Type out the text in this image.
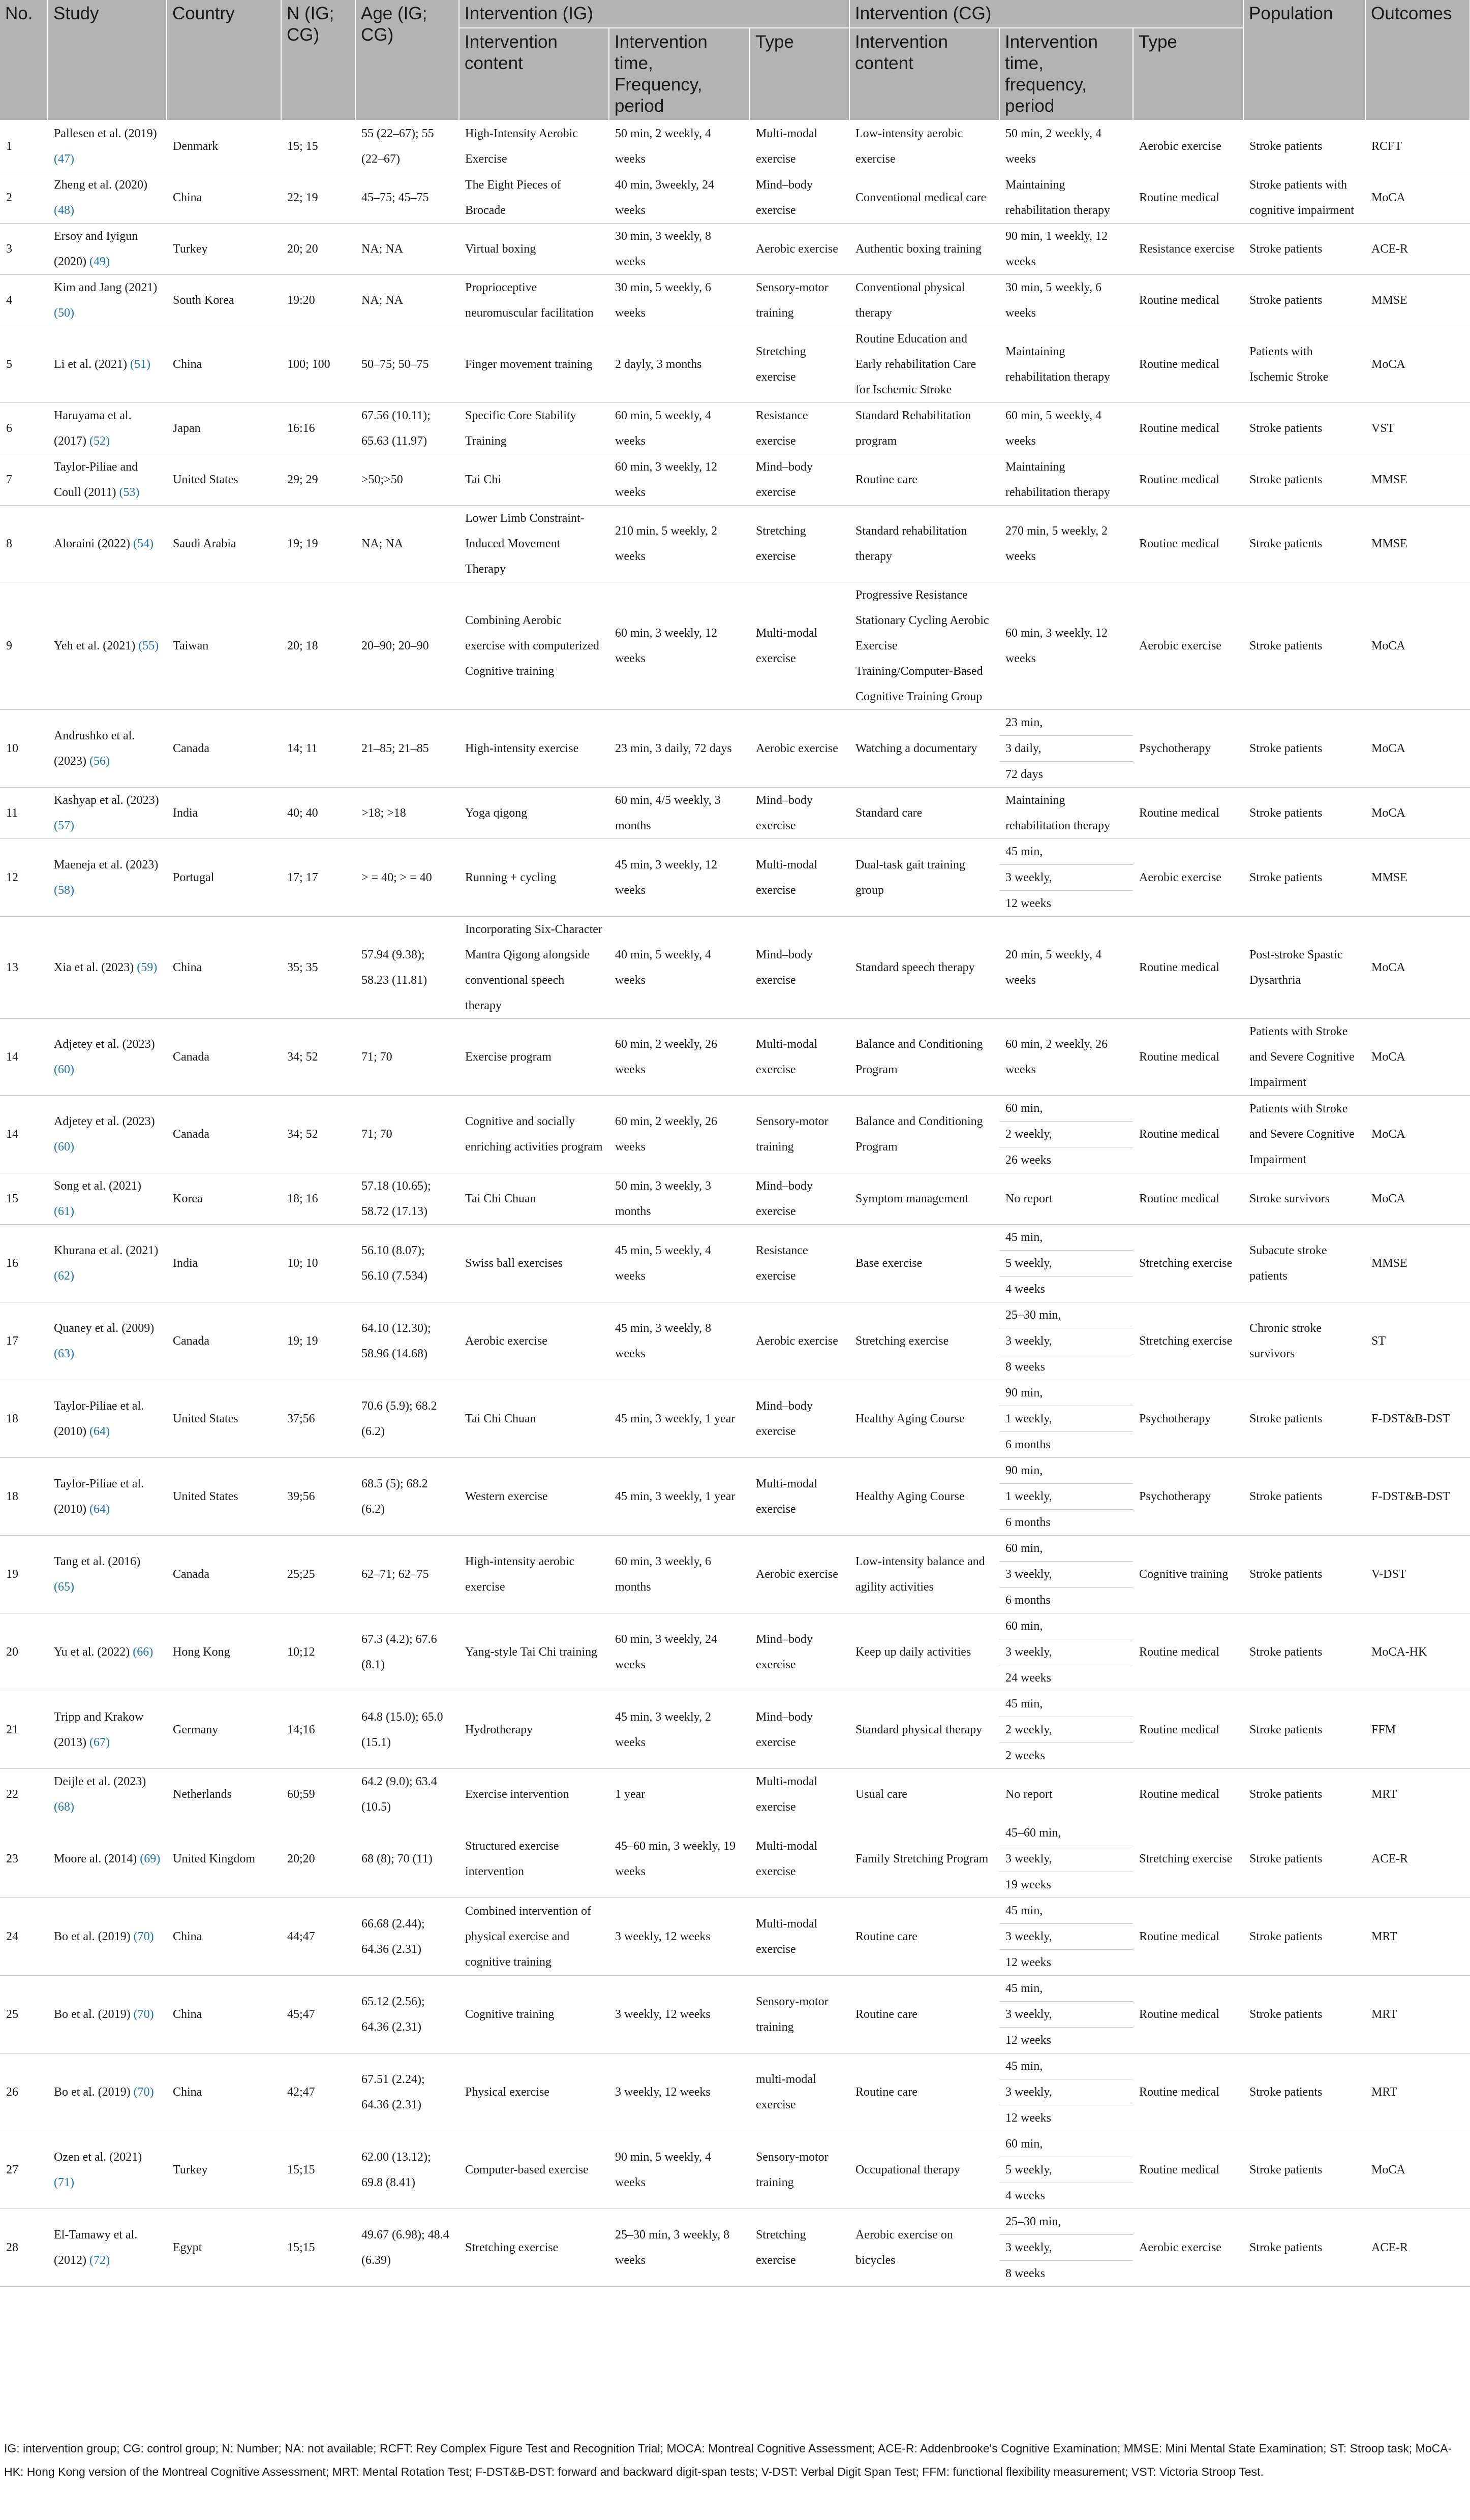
No.	Study	Country	N (IG; CG)	Age (IG; CG)	Intervention (IG)			Intervention (CG)			Population	Outcomes
					Intervention content	Intervention time, Frequency, period	Type	Intervention content	Intervention time, frequency, period	Type		
1	Pallesen et al. (2019) (47)	Denmark	15; 15	55 (22–67); 55 (22–67)	High-Intensity Aerobic Exercise	50 min, 2 weekly, 4 weeks	Multi-modal exercise	Low-intensity aerobic exercise	50 min, 2 weekly, 4 weeks	Aerobic exercise	Stroke patients	RCFT
2	Zheng et al. (2020) (48)	China	22; 19	45–75; 45–75	The Eight Pieces of Brocade	40 min, 3weekly, 24 weeks	Mind–body exercise	Conventional medical care	Maintaining rehabilitation therapy	Routine medical	Stroke patients with cognitive impairment	MoCA
3	Ersoy and Iyigun (2020) (49)	Turkey	20; 20	NA; NA	Virtual boxing	30 min, 3 weekly, 8 weeks	Aerobic exercise	Authentic boxing training	90 min, 1 weekly, 12 weeks	Resistance exercise	Stroke patients	ACE-R
4	Kim and Jang (2021) (50)	South Korea	19:20	NA; NA	Proprioceptive neuromuscular facilitation	30 min, 5 weekly, 6 weeks	Sensory-motor training	Conventional physical therapy	30 min, 5 weekly, 6 weeks	Routine medical	Stroke patients	MMSE
5	Li et al. (2021) (51)	China	100; 100	50–75; 50–75	Finger movement training	2 dayly, 3 months	Stretching exercise	Routine Education and Early rehabilitation Care for Ischemic Stroke	Maintaining rehabilitation therapy	Routine medical	Patients with Ischemic Stroke	MoCA
6	Haruyama et al. (2017) (52)	Japan	16:16	67.56 (10.11); 65.63 (11.97)	Specific Core Stability Training	60 min, 5 weekly, 4 weeks	Resistance exercise	Standard Rehabilitation program	60 min, 5 weekly, 4 weeks	Routine medical	Stroke patients	VST
7	Taylor-Piliae and Coull (2011) (53)	United States	29; 29	>50;>50	Tai Chi	60 min, 3 weekly, 12 weeks	Mind–body exercise	Routine care	Maintaining rehabilitation therapy	Routine medical	Stroke patients	MMSE
8	Aloraini (2022) (54)	Saudi Arabia	19; 19	NA; NA	Lower Limb Constraint-Induced Movement Therapy	210 min, 5 weekly, 2 weeks	Stretching exercise	Standard rehabilitation therapy	270 min, 5 weekly, 2 weeks	Routine medical	Stroke patients	MMSE
9	Yeh et al. (2021) (55)	Taiwan	20; 18	20–90; 20–90	Combining Aerobic exercise with computerized Cognitive training	60 min, 3 weekly, 12 weeks	Multi-modal exercise	Progressive Resistance Stationary Cycling Aerobic Exercise Training/Computer-Based Cognitive Training Group	60 min, 3 weekly, 12 weeks	Aerobic exercise	Stroke patients	MoCA
10	Andrushko et al. (2023) (56)	Canada	14; 11	21–85; 21–85	High-intensity exercise	23 min, 3 daily, 72 days	Aerobic exercise	Watching a documentary	23 min,
3 daily,
72 days	Psychotherapy	Stroke patients	MoCA
11	Kashyap et al. (2023) (57)	India	40; 40	>18; >18	Yoga qigong	60 min, 4/5 weekly, 3 months	Mind–body exercise	Standard care	Maintaining rehabilitation therapy	Routine medical	Stroke patients	MoCA
12	Maeneja et al. (2023) (58)	Portugal	17; 17	> = 40; > = 40	Running + cycling	45 min, 3 weekly, 12 weeks	Multi-modal exercise	Dual-task gait training group	45 min,
3 weekly,
12 weeks	Aerobic exercise	Stroke patients	MMSE
13	Xia et al. (2023) (59)	China	35; 35	57.94 (9.38); 58.23 (11.81)	Incorporating Six-Character Mantra Qigong alongside conventional speech therapy	40 min, 5 weekly, 4 weeks	Mind–body exercise	Standard speech therapy	20 min, 5 weekly, 4 weeks	Routine medical	Post-stroke Spastic Dysarthria	MoCA
14	Adjetey et al. (2023) (60)	Canada	34; 52	71; 70	Exercise program	60 min, 2 weekly, 26 weeks	Multi-modal exercise	Balance and Conditioning Program	60 min, 2 weekly, 26 weeks	Routine medical	Patients with Stroke and Severe Cognitive Impairment	MoCA
14	Adjetey et al. (2023) (60)	Canada	34; 52	71; 70	Cognitive and socially enriching activities program	60 min, 2 weekly, 26 weeks	Sensory-motor training	Balance and Conditioning Program	60 min,
2 weekly,
26 weeks	Routine medical	Patients with Stroke and Severe Cognitive Impairment	MoCA
15	Song et al. (2021) (61)	Korea	18; 16	57.18 (10.65); 58.72 (17.13)	Tai Chi Chuan	50 min, 3 weekly, 3 months	Mind–body exercise	Symptom management	No report	Routine medical	Stroke survivors	MoCA
16	Khurana et al. (2021) (62)	India	10; 10	56.10 (8.07); 56.10 (7.534)	Swiss ball exercises	45 min, 5 weekly, 4 weeks	Resistance exercise	Base exercise	45 min,
5 weekly,
4 weeks	Stretching exercise	Subacute stroke patients	MMSE
17	Quaney et al. (2009) (63)	Canada	19; 19	64.10 (12.30); 58.96 (14.68)	Aerobic exercise	45 min, 3 weekly, 8 weeks	Aerobic exercise	Stretching exercise	25–30 min,
3 weekly,
8 weeks	Stretching exercise	Chronic stroke survivors	ST
18	Taylor-Piliae et al. (2010) (64)	United States	37;56	70.6 (5.9); 68.2 (6.2)	Tai Chi Chuan	45 min, 3 weekly, 1 year	Mind–body exercise	Healthy Aging Course	90 min,
1 weekly,
6 months	Psychotherapy	Stroke patients	F-DST&B-DST
18	Taylor-Piliae et al. (2010) (64)	United States	39;56	68.5 (5); 68.2 (6.2)	Western exercise	45 min, 3 weekly, 1 year	Multi-modal exercise	Healthy Aging Course	90 min,
1 weekly,
6 months	Psychotherapy	Stroke patients	F-DST&B-DST
19	Tang et al. (2016) (65)	Canada	25;25	62–71; 62–75	High-intensity aerobic exercise	60 min, 3 weekly, 6 months	Aerobic exercise	Low-intensity balance and agility activities	60 min,
3 weekly,
6 months	Cognitive training	Stroke patients	V-DST
20	Yu et al. (2022) (66)	Hong Kong	10;12	67.3 (4.2); 67.6 (8.1)	Yang-style Tai Chi training	60 min, 3 weekly, 24 weeks	Mind–body exercise	Keep up daily activities	60 min,
3 weekly,
24 weeks	Routine medical	Stroke patients	MoCA-HK
21	Tripp and Krakow (2013) (67)	Germany	14;16	64.8 (15.0); 65.0 (15.1)	Hydrotherapy	45 min, 3 weekly, 2 weeks	Mind–body exercise	Standard physical therapy	45 min,
2 weekly,
2 weeks	Routine medical	Stroke patients	FFM
22	Deijle et al. (2023) (68)	Netherlands	60;59	64.2 (9.0); 63.4 (10.5)	Exercise intervention	1 year	Multi-modal exercise	Usual care	No report	Routine medical	Stroke patients	MRT
23	Moore al. (2014) (69)	United Kingdom	20;20	68 (8); 70 (11)	Structured exercise intervention	45–60 min, 3 weekly, 19 weeks	Multi-modal exercise	Family Stretching Program	45–60 min,
3 weekly,
19 weeks	Stretching exercise	Stroke patients	ACE-R
24	Bo et al. (2019) (70)	China	44;47	66.68 (2.44); 64.36 (2.31)	Combined intervention of physical exercise and cognitive training	3 weekly, 12 weeks	Multi-modal exercise	Routine care	45 min,
3 weekly,
12 weeks	Routine medical	Stroke patients	MRT
25	Bo et al. (2019) (70)	China	45;47	65.12 (2.56); 64.36 (2.31)	Cognitive training	3 weekly, 12 weeks	Sensory-motor training	Routine care	45 min,
3 weekly,
12 weeks	Routine medical	Stroke patients	MRT
26	Bo et al. (2019) (70)	China	42;47	67.51 (2.24); 64.36 (2.31)	Physical exercise	3 weekly, 12 weeks	multi-modal exercise	Routine care	45 min,
3 weekly,
12 weeks	Routine medical	Stroke patients	MRT
27	Ozen et al. (2021) (71)	Turkey	15;15	62.00 (13.12); 69.8 (8.41)	Computer-based exercise	90 min, 5 weekly, 4 weeks	Sensory-motor training	Occupational therapy	60 min,
5 weekly,
4 weeks	Routine medical	Stroke patients	MoCA
28	El-Tamawy et al. (2012) (72)	Egypt	15;15	49.67 (6.98); 48.4 (6.39)	Stretching exercise	25–30 min, 3 weekly, 8 weeks	Stretching exercise	Aerobic exercise on bicycles	25–30 min,
3 weekly,
8 weeks	Aerobic exercise	Stroke patients	ACE-R
IG: intervention group; CG: control group; N: Number; NA: not available; RCFT: Rey Complex Figure Test and Recognition Trial; MOCA: Montreal Cognitive Assessment; ACE-R: Addenbrooke's Cognitive Examination; MMSE: Mini Mental State Examination; ST: Stroop task; MoCA-HK: Hong Kong version of the Montreal Cognitive Assessment; MRT: Mental Rotation Test; F-DST&B-DST: forward and backward digit-span tests; V-DST: Verbal Digit Span Test; FFM: functional flexibility measurement; VST: Victoria Stroop Test.
